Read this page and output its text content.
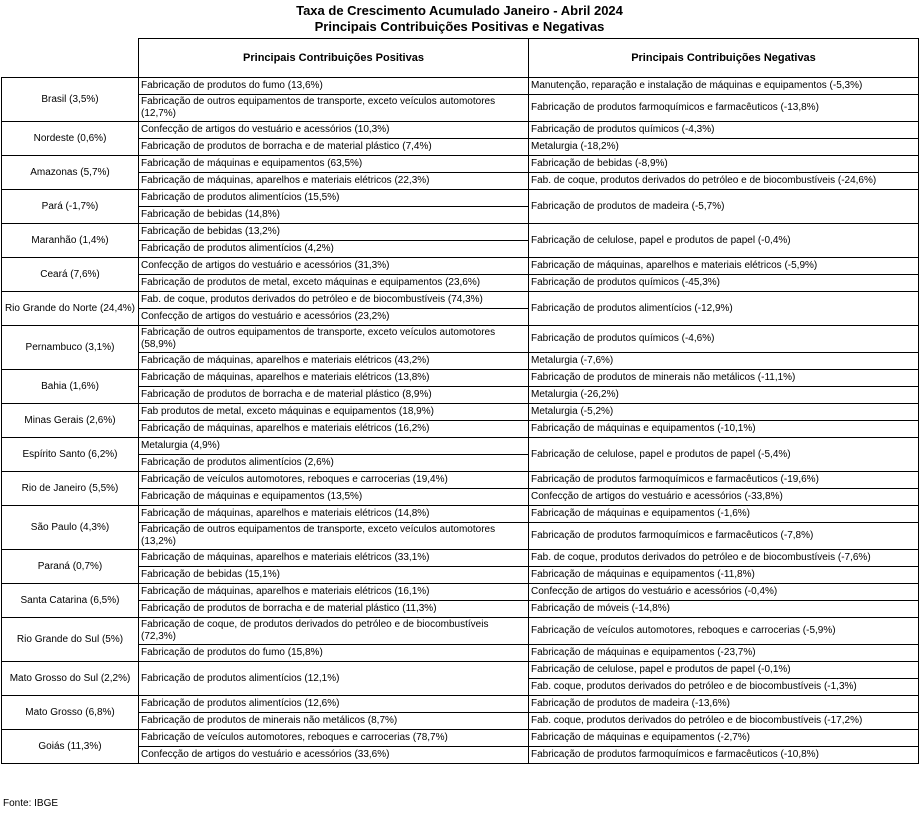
Taxa de Crescimento Acumulado Janeiro - Abril 2024
Principais Contribuições Positivas e Negativas
	Principais Contribuições Positivas	Principais Contribuições Negativas
Brasil (3,5%)	Fabricação de produtos do fumo (13,6%)	Manutenção, reparação e instalação de máquinas e equipamentos (-5,3%)
	Fabricação de outros equipamentos de transporte, exceto veículos automotores (12,7%)	Fabricação de produtos farmoquímicos e farmacêuticos (-13,8%)
Nordeste (0,6%)	Confecção de artigos do vestuário e acessórios (10,3%)	Fabricação de produtos químicos (-4,3%)
	Fabricação de produtos de borracha e de material plástico (7,4%)	Metalurgia (-18,2%)
Amazonas (5,7%)	Fabricação de máquinas e equipamentos (63,5%)	Fabricação de bebidas (-8,9%)
	Fabricação de máquinas, aparelhos e materiais elétricos (22,3%)	Fab. de coque, produtos derivados do petróleo e de biocombustíveis (-24,6%)
Pará (-1,7%)	Fabricação de produtos alimentícios (15,5%)	Fabricação de produtos de madeira (-5,7%)
	Fabricação de bebidas (14,8%)	
Maranhão (1,4%)	Fabricação de bebidas (13,2%)	Fabricação de celulose, papel e produtos de papel (-0,4%)
	Fabricação de produtos alimentícios (4,2%)	
Ceará (7,6%)	Confecção de artigos do vestuário e acessórios (31,3%)	Fabricação de máquinas, aparelhos e materiais elétricos (-5,9%)
	Fabricação de produtos de metal, exceto máquinas e equipamentos (23,6%)	Fabricação de produtos químicos (-45,3%)
Rio Grande do Norte (24,4%)	Fab. de coque, produtos derivados do petróleo e de biocombustíveis (74,3%)	Fabricação de produtos alimentícios (-12,9%)
	Confecção de artigos do vestuário e acessórios (23,2%)	
Pernambuco (3,1%)	Fabricação de outros equipamentos de transporte, exceto veículos automotores (58,9%)	Fabricação de produtos químicos (-4,6%)
	Fabricação de máquinas, aparelhos e materiais elétricos (43,2%)	Metalurgia (-7,6%)
Bahia (1,6%)	Fabricação de máquinas, aparelhos e materiais elétricos (13,8%)	Fabricação de produtos de minerais não metálicos (-11,1%)
	Fabricação de produtos de borracha e de material plástico (8,9%)	Metalurgia (-26,2%)
Minas Gerais (2,6%)	Fab produtos de metal, exceto máquinas e equipamentos (18,9%)	Metalurgia (-5,2%)
	Fabricação de máquinas, aparelhos e materiais elétricos (16,2%)	Fabricação de máquinas e equipamentos (-10,1%)
Espírito Santo (6,2%)	Metalurgia (4,9%)	Fabricação de celulose, papel e produtos de papel (-5,4%)
	Fabricação de produtos alimentícios (2,6%)	
Rio de Janeiro (5,5%)	Fabricação de veículos automotores, reboques e carrocerias (19,4%)	Fabricação de produtos farmoquímicos e farmacêuticos (-19,6%)
	Fabricação de máquinas e equipamentos (13,5%)	Confecção de artigos do vestuário e acessórios (-33,8%)
São Paulo (4,3%)	Fabricação de máquinas, aparelhos e materiais elétricos (14,8%)	Fabricação de máquinas e equipamentos (-1,6%)
	Fabricação de outros equipamentos de transporte, exceto veículos automotores (13,2%)	Fabricação de produtos farmoquímicos e farmacêuticos (-7,8%)
Paraná (0,7%)	Fabricação de máquinas, aparelhos e materiais elétricos (33,1%)	Fab. de coque, produtos derivados do petróleo e de biocombustíveis (-7,6%)
	Fabricação de bebidas (15,1%)	Fabricação de máquinas e equipamentos (-11,8%)
Santa Catarina (6,5%)	Fabricação de máquinas, aparelhos e materiais elétricos (16,1%)	Confecção de artigos do vestuário e acessórios (-0,4%)
	Fabricação de produtos de borracha e de material plástico (11,3%)	Fabricação de móveis (-14,8%)
Rio Grande do Sul (5%)	Fabricação de coque, de produtos derivados do petróleo e de biocombustíveis (72,3%)	Fabricação de veículos automotores, reboques e carrocerias (-5,9%)
	Fabricação de produtos do fumo (15,8%)	Fabricação de máquinas e equipamentos (-23,7%)
Mato Grosso do Sul (2,2%)	Fabricação de produtos alimentícios (12,1%)	Fabricação de celulose, papel e produtos de papel (-0,1%)
		Fab. coque, produtos derivados do petróleo e de biocombustíveis (-1,3%)
Mato Grosso (6,8%)	Fabricação de produtos alimentícios (12,6%)	Fabricação de produtos de madeira (-13,6%)
	Fabricação de produtos de minerais não metálicos (8,7%)	Fab. coque, produtos derivados do petróleo e de biocombustíveis (-17,2%)
Goiás (11,3%)	Fabricação de veículos automotores, reboques e carrocerias (78,7%)	Fabricação de máquinas e equipamentos (-2,7%)
	Confecção de artigos do vestuário e acessórios (33,6%)	Fabricação de produtos farmoquímicos e farmacêuticos (-10,8%)
Fonte: IBGE
